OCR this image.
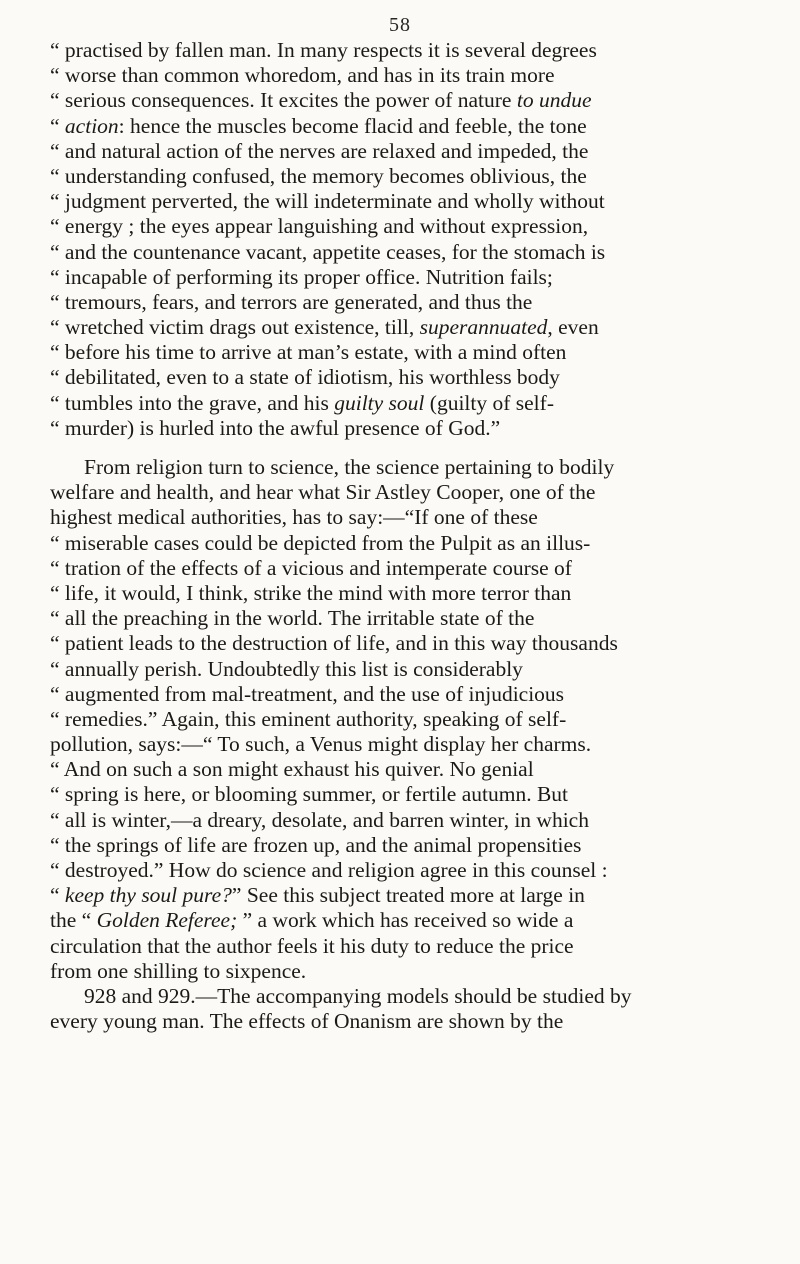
58
“ practised by fallen man. In many respects it is several degrees
“ worse than common whoredom, and has in its train more
“ serious consequences. It excites the power of nature to undue
“ action: hence the muscles become flacid and feeble, the tone
“ and natural action of the nerves are relaxed and impeded, the
“ understanding confused, the memory becomes oblivious, the
“ judgment perverted, the will indeterminate and wholly without
“ energy ; the eyes appear languishing and without expression,
“ and the countenance vacant, appetite ceases, for the stomach is
“ incapable of performing its proper office. Nutrition fails;
“ tremours, fears, and terrors are generated, and thus the
“ wretched victim drags out existence, till, superannuated, even
“ before his time to arrive at man’s estate, with a mind often
“ debilitated, even to a state of idiotism, his worthless body
“ tumbles into the grave, and his guilty soul (guilty of self-
“ murder) is hurled into the awful presence of God.”
From religion turn to science, the science pertaining to bodily
welfare and health, and hear what Sir Astley Cooper, one of the
highest medical authorities, has to say:—“If one of these
“ miserable cases could be depicted from the Pulpit as an illus-
“ tration of the effects of a vicious and intemperate course of
“ life, it would, I think, strike the mind with more terror than
“ all the preaching in the world. The irritable state of the
“ patient leads to the destruction of life, and in this way thousands
“ annually perish. Undoubtedly this list is considerably
“ augmented from mal-treatment, and the use of injudicious
“ remedies.” Again, this eminent authority, speaking of self-
pollution, says:—“ To such, a Venus might display her charms.
“ And on such a son might exhaust his quiver. No genial
“ spring is here, or blooming summer, or fertile autumn. But
“ all is winter,—a dreary, desolate, and barren winter, in which
“ the springs of life are frozen up, and the animal propensities
“ destroyed.” How do science and religion agree in this counsel :
“ keep thy soul pure?” See this subject treated more at large in
the “ Golden Referee; ” a work which has received so wide a
circulation that the author feels it his duty to reduce the price
from one shilling to sixpence.
928 and 929.—The accompanying models should be studied by
every young man. The effects of Onanism are shown by the
